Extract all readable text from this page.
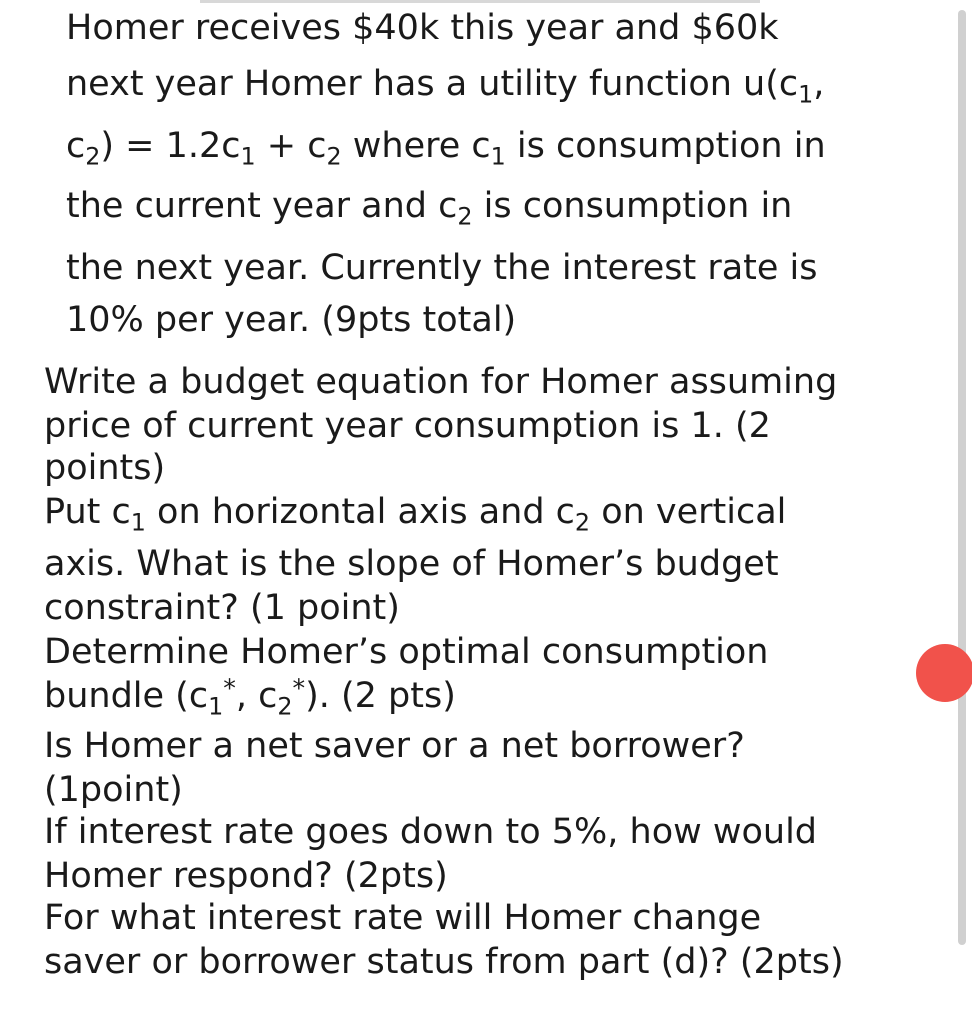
Homer receives $40k this year and $60k
next year Homer has a utility function $u(c_1$,
$c_2) = 1.2c_1 + c_2$ where $c_1$ is consumption in
the current year and $c_2$ is consumption in
the next year. Currently the interest rate is
10% per year. (9pts total)
Write a budget equation for Homer assuming
price of current year consumption is 1. (2
points)
Put $c_1$ on horizontal axis and $c_2$ on vertical
axis. What is the slope of Homer’s budget
constraint? (1 point)
Determine Homer’s optimal consumption
bundle ($c_1^*$, $c_2^*$). (2 pts)
Is Homer a net saver or a net borrower?
(1point)
If interest rate goes down to 5%, how would
Homer respond? (2pts)
For what interest rate will Homer change
saver or borrower status from part (d)? (2pts)
